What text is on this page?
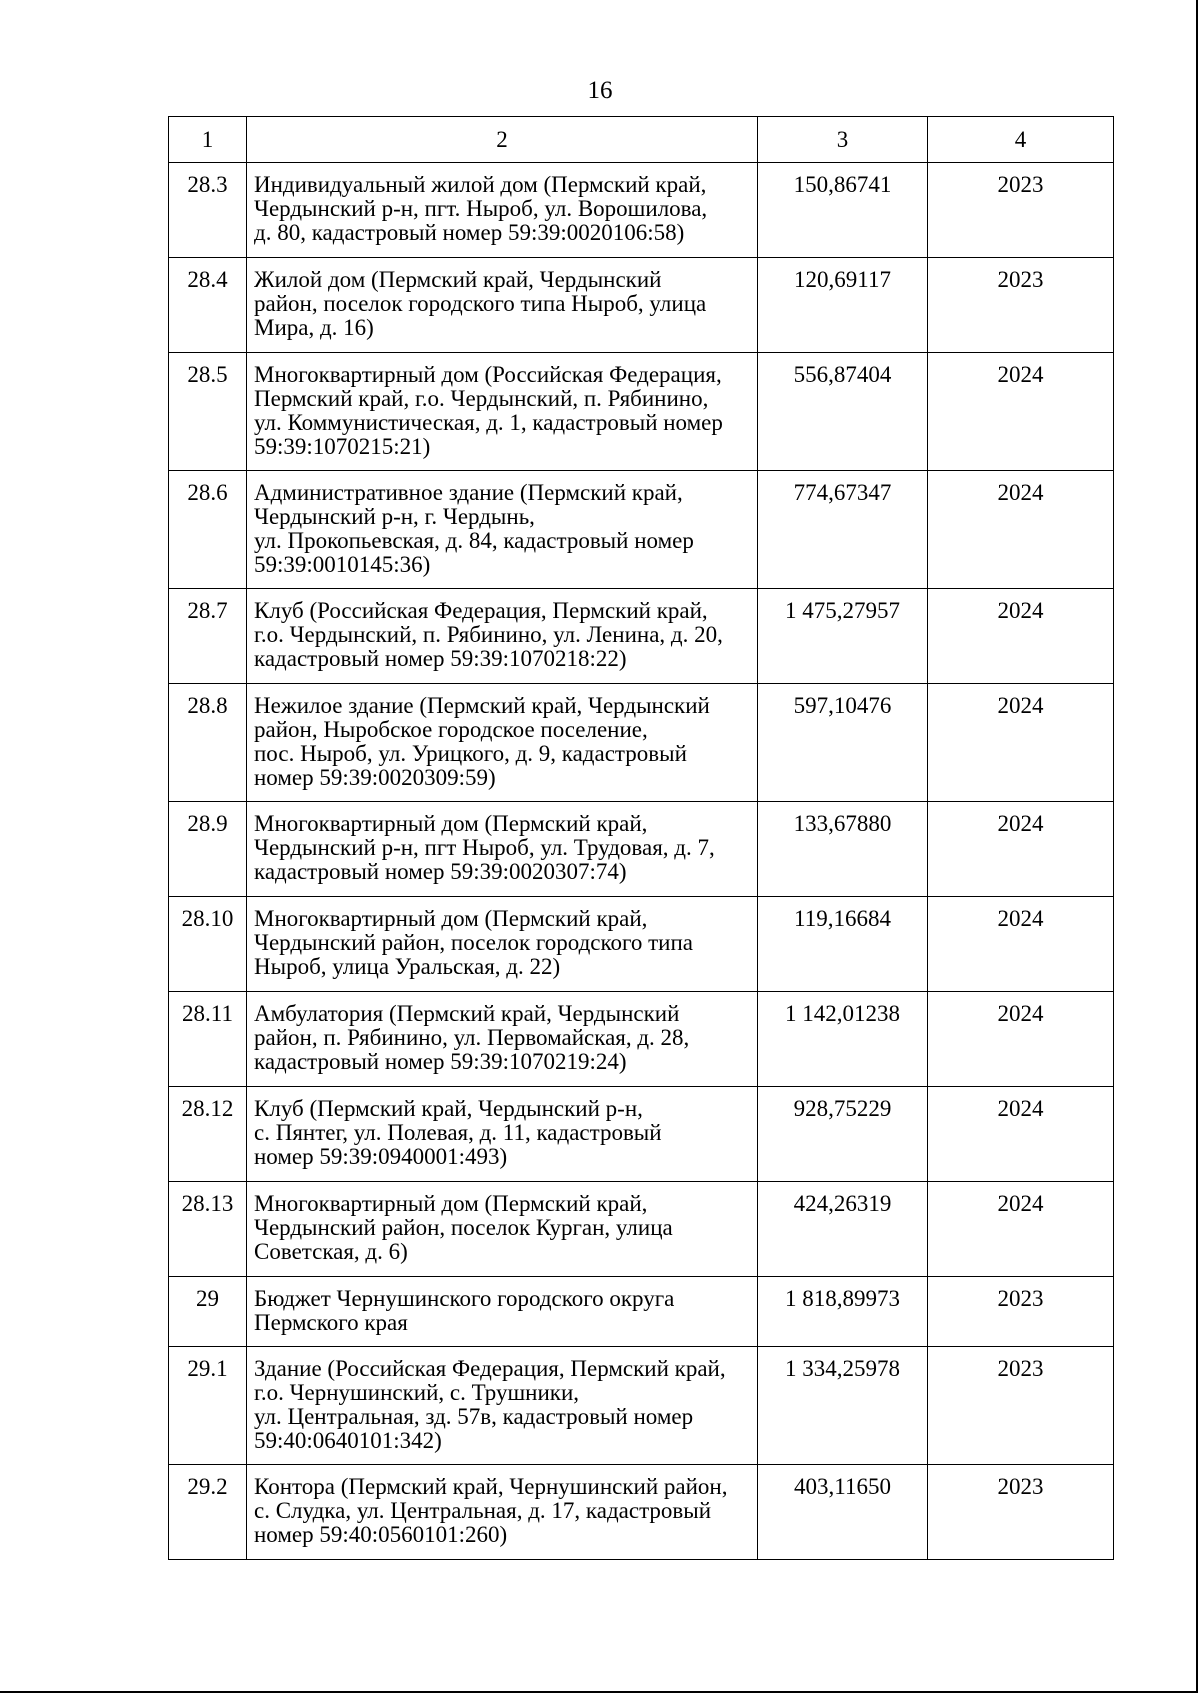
16
1	2	3	4
28.3	Индивидуальный жилой дом (Пермский край,
Чердынский р-н, пгт. Ныроб, ул. Ворошилова,
д. 80, кадастровый номер 59:39:0020106:58)	150,86741	2023
28.4	Жилой дом (Пермский край, Чердынский
район, поселок городского типа Ныроб, улица
Мира, д. 16)	120,69117	2023
28.5	Многоквартирный дом (Российская Федерация,
Пермский край, г.о. Чердынский, п. Рябинино,
ул. Коммунистическая, д. 1, кадастровый номер
59:39:1070215:21)	556,87404	2024
28.6	Административное здание (Пермский край,
Чердынский р-н, г. Чердынь,
ул. Прокопьевская, д. 84, кадастровый номер
59:39:0010145:36)	774,67347	2024
28.7	Клуб (Российская Федерация, Пермский край,
г.о. Чердынский, п. Рябинино, ул. Ленина, д. 20,
кадастровый номер 59:39:1070218:22)	1 475,27957	2024
28.8	Нежилое здание (Пермский край, Чердынский
район, Ныробское городское поселение,
пос. Ныроб, ул. Урицкого, д. 9, кадастровый
номер 59:39:0020309:59)	597,10476	2024
28.9	Многоквартирный дом (Пермский край,
Чердынский р-н, пгт Ныроб, ул. Трудовая, д. 7,
кадастровый номер 59:39:0020307:74)	133,67880	2024
28.10	Многоквартирный дом (Пермский край,
Чердынский район, поселок городского типа
Ныроб, улица Уральская, д. 22)	119,16684	2024
28.11	Амбулатория (Пермский край, Чердынский
район, п. Рябинино, ул. Первомайская, д. 28,
кадастровый номер 59:39:1070219:24)	1 142,01238	2024
28.12	Клуб (Пермский край, Чердынский р-н,
с. Пянтег, ул. Полевая, д. 11, кадастровый
номер 59:39:0940001:493)	928,75229	2024
28.13	Многоквартирный дом (Пермский край,
Чердынский район, поселок Курган, улица
Советская, д. 6)	424,26319	2024
29	Бюджет Чернушинского городского округа
Пермского края	1 818,89973	2023
29.1	Здание (Российская Федерация, Пермский край,
г.о. Чернушинский, с. Трушники,
ул. Центральная, зд. 57в, кадастровый номер
59:40:0640101:342)	1 334,25978	2023
29.2	Контора (Пермский край, Чернушинский район,
с. Слудка, ул. Центральная, д. 17, кадастровый
номер 59:40:0560101:260)	403,11650	2023
